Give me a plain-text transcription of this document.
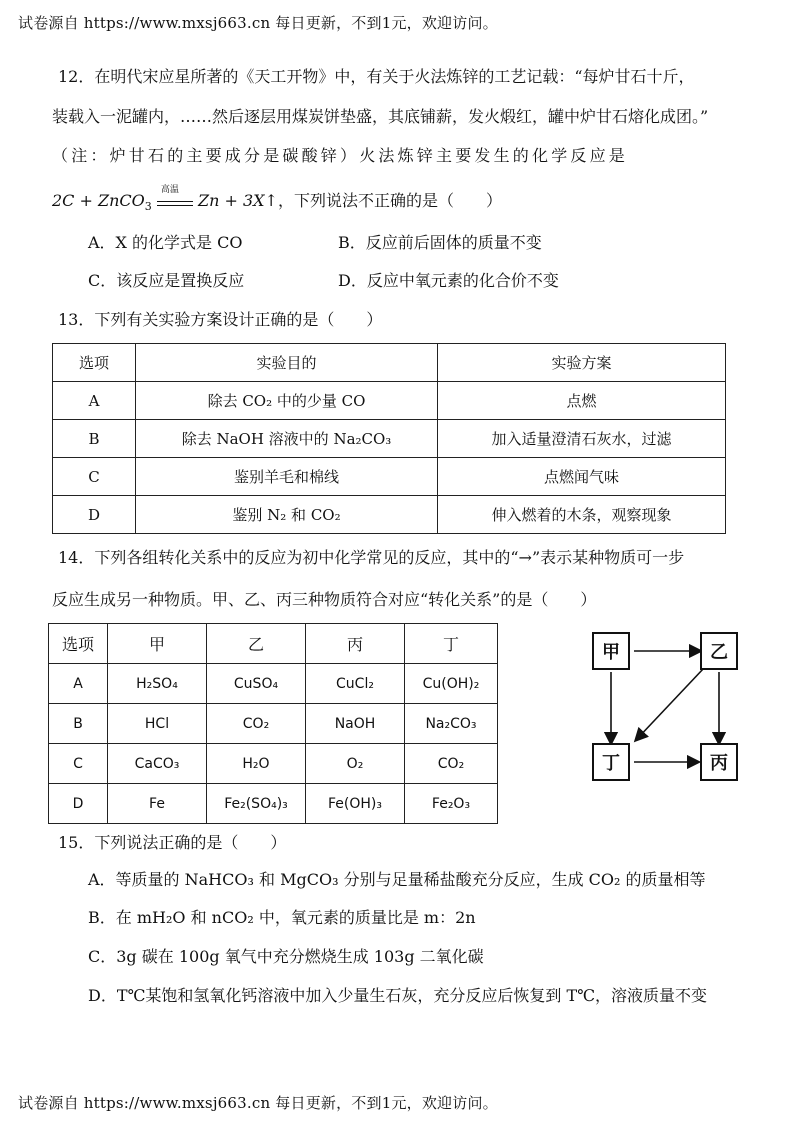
试卷源自 https://www.mxsj663.cn 每日更新，不到1元，欢迎访问。
12．在明代宋应星所著的《天工开物》中，有关于火法炼锌的工艺记载：“每炉甘石十斤，
装载入一泥罐内，……然后逐层用煤炭饼垫盛，其底铺薪，发火煅红，罐中炉甘石熔化成团。”
（注：炉甘石的主要成分是碳酸锌）火法炼锌主要发生的化学反应是
2C + ZnCO$_3$
高温
Zn + 3X↑，下列说法不正确的是（　　）
A．X 的化学式是 CO	B．反应前后固体的质量不变
C．该反应是置换反应	D．反应中氧元素的化合价不变
13．下列有关实验方案设计正确的是（　　）
选项	实验目的	实验方案
A	除去 CO₂ 中的少量 CO	点燃
B	除去 NaOH 溶液中的 Na₂CO₃	加入适量澄清石灰水，过滤
C	鉴别羊毛和棉线	点燃闻气味
D	鉴别 N₂ 和 CO₂	伸入燃着的木条，观察现象
14．下列各组转化关系中的反应为初中化学常见的反应，其中的“→”表示某种物质可一步
反应生成另一种物质。甲、乙、丙三种物质符合对应“转化关系”的是（　　）
选项	甲	乙	丙	丁
A	H₂SO₄	CuSO₄	CuCl₂	Cu(OH)₂
B	HCl	CO₂	NaOH	Na₂CO₃
C	CaCO₃	H₂O	O₂	CO₂
D	Fe	Fe₂(SO₄)₃	Fe(OH)₃	Fe₂O₃
甲	乙
丁	丙
15．下列说法正确的是（　　）
A．等质量的 NaHCO₃ 和 MgCO₃ 分别与足量稀盐酸充分反应，生成 CO₂ 的质量相等
B．在 mH₂O 和 nCO₂ 中，氧元素的质量比是 m：2n
C．3g 碳在 100g 氧气中充分燃烧生成 103g 二氧化碳
D．T℃某饱和氢氧化钙溶液中加入少量生石灰，充分反应后恢复到 T℃，溶液质量不变
试卷源自 https://www.mxsj663.cn 每日更新，不到1元，欢迎访问。
